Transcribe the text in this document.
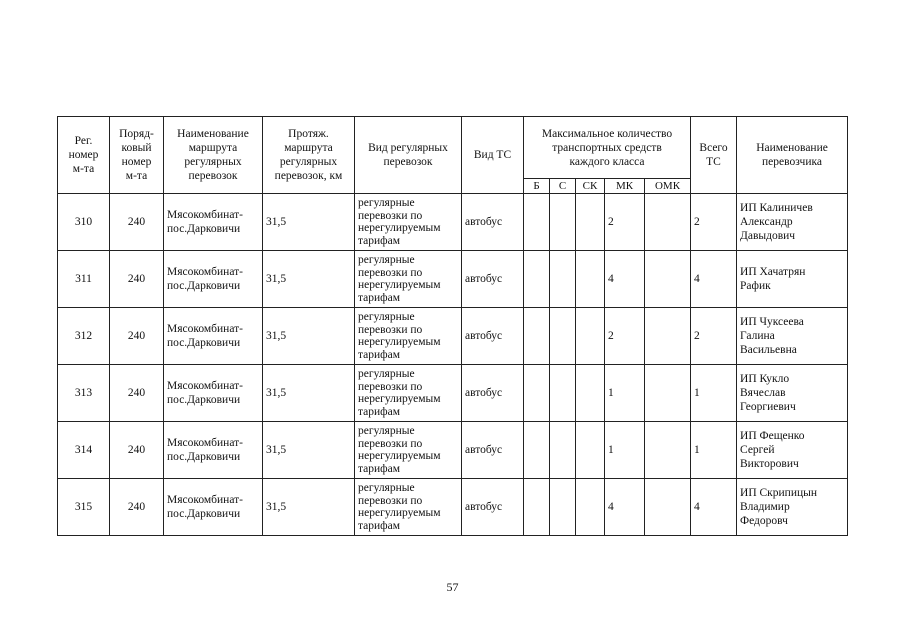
Рег.
номер
м-та	Поряд-
ковый
номер
м-та	Наименование
маршрута
регулярных
перевозок	Протяж.
маршрута
регулярных
перевозок, км	Вид регулярных
перевозок	Вид ТС	Максимальное количество
транспортных средств
каждого класса					Всего
ТС	Наименование
перевозчика
						Б	С	СК	МК	ОМК		
310	240	Мясокомбинат-
пос.Дарковичи	31,5	регулярные
перевозки по
нерегулируемым
тарифам	автобус				2		2	ИП Калиничев
Александр
Давыдович
311	240	Мясокомбинат-
пос.Дарковичи	31,5	регулярные
перевозки по
нерегулируемым
тарифам	автобус				4		4	ИП Хачатрян
Рафик
312	240	Мясокомбинат-
пос.Дарковичи	31,5	регулярные
перевозки по
нерегулируемым
тарифам	автобус				2		2	ИП Чуксеева
Галина
Васильевна
313	240	Мясокомбинат-
пос.Дарковичи	31,5	регулярные
перевозки по
нерегулируемым
тарифам	автобус				1		1	ИП Кукло
Вячеслав
Георгиевич
314	240	Мясокомбинат-
пос.Дарковичи	31,5	регулярные
перевозки по
нерегулируемым
тарифам	автобус				1		1	ИП Фещенко
Сергей
Викторович
315	240	Мясокомбинат-
пос.Дарковичи	31,5	регулярные
перевозки по
нерегулируемым
тарифам	автобус				4		4	ИП Скрипицын
Владимир
Федоровч
57
